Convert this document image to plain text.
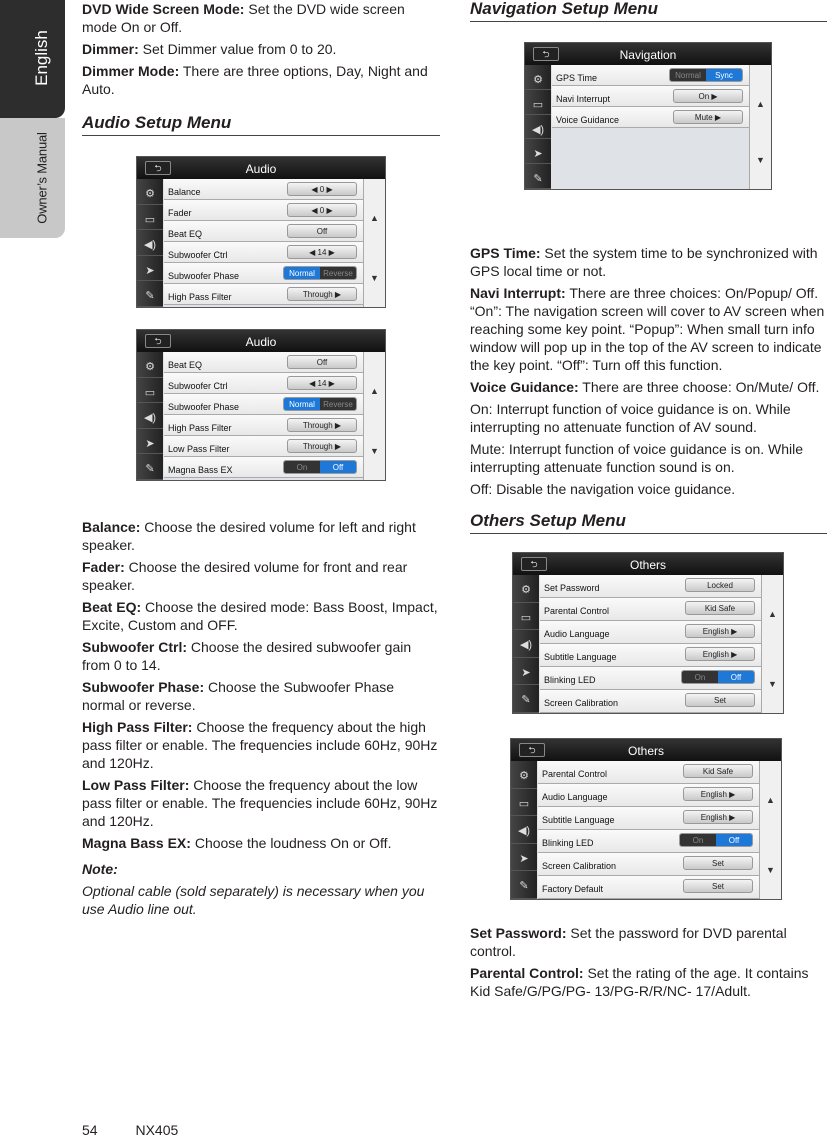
English
Owner’s Manual

DVD Wide Screen Mode: Set the DVD wide screen mode On or Off.

Dimmer: Set Dimmer value from 0 to 20.

Dimmer Mode: There are three options, Day, Night and Auto.

Audio Setup Menu
⮌	Audio
⚙
▭
◀)
➤
✎
Balance	◀ 0 ▶
Fader	◀ 0 ▶
Beat EQ	Off
Subwoofer Ctrl	◀ 14 ▶
Subwoofer Phase	Normal	Reverse
High Pass Filter	Through ▶
▲
▼
⮌	Audio
⚙
▭
◀)
➤
✎
Beat EQ	Off
Subwoofer Ctrl	◀ 14 ▶
Subwoofer Phase	Normal	Reverse
High Pass Filter	Through ▶
Low Pass Filter	Through ▶
Magna Bass EX	On	Off
▲
▼

Balance: Choose the desired volume for left and right speaker.

Fader: Choose the desired volume for front and rear speaker.

Beat EQ: Choose the desired mode: Bass Boost, Impact, Excite, Custom and OFF.

Subwoofer Ctrl: Choose the desired subwoofer gain from 0 to 14.

Subwoofer Phase: Choose the Subwoofer Phase normal or reverse.

High Pass Filter: Choose the frequency about the high pass filter or enable. The frequencies include 60Hz, 90Hz and 120Hz.

Low Pass Filter: Choose the frequency about the low pass filter or enable. The frequencies include 60Hz, 90Hz and 120Hz.

Magna Bass EX: Choose the loudness On or Off.

Note:

Optional cable (sold separately) is necessary when you use Audio line out.

Navigation Setup Menu
⮌	Navigation
⚙
▭
◀)
➤
✎
GPS Time	Normal	Sync
Navi Interrupt	On ▶
Voice Guidance	Mute ▶
▲
▼

GPS Time: Set the system time to be synchronized with GPS local time or not.

Navi Interrupt: There are three choices: On/Popup/ Off. “On”: The navigation screen will cover to AV screen when reaching some key point. “Popup”: When small turn info window will pop up in the top of the AV screen to indicate the key point. “Off”: Turn off this function.

Voice Guidance: There are three choose: On/Mute/ Off.

On: Interrupt function of voice guidance is on. While interrupting no attenuate function of AV sound.

Mute: Interrupt function of voice guidance is on. While interrupting attenuate function sound is on.

Off: Disable the navigation voice guidance.

Others Setup Menu
⮌	Others
⚙
▭
◀)
➤
✎
Set Password	Locked
Parental Control	Kid Safe
Audio Language	English ▶
Subtitle Language	English ▶
Blinking LED	On	Off
Screen Calibration	Set
▲
▼
⮌	Others
⚙
▭
◀)
➤
✎
Parental Control	Kid Safe
Audio Language	English ▶
Subtitle Language	English ▶
Blinking LED	On	Off
Screen Calibration	Set
Factory Default	Set
▲
▼

Set Password: Set the password for DVD parental control.

Parental Control: Set the rating of the age. It contains Kid Safe/G/PG/PG- 13/PG-R/R/NC- 17/Adult.

54	NX405
